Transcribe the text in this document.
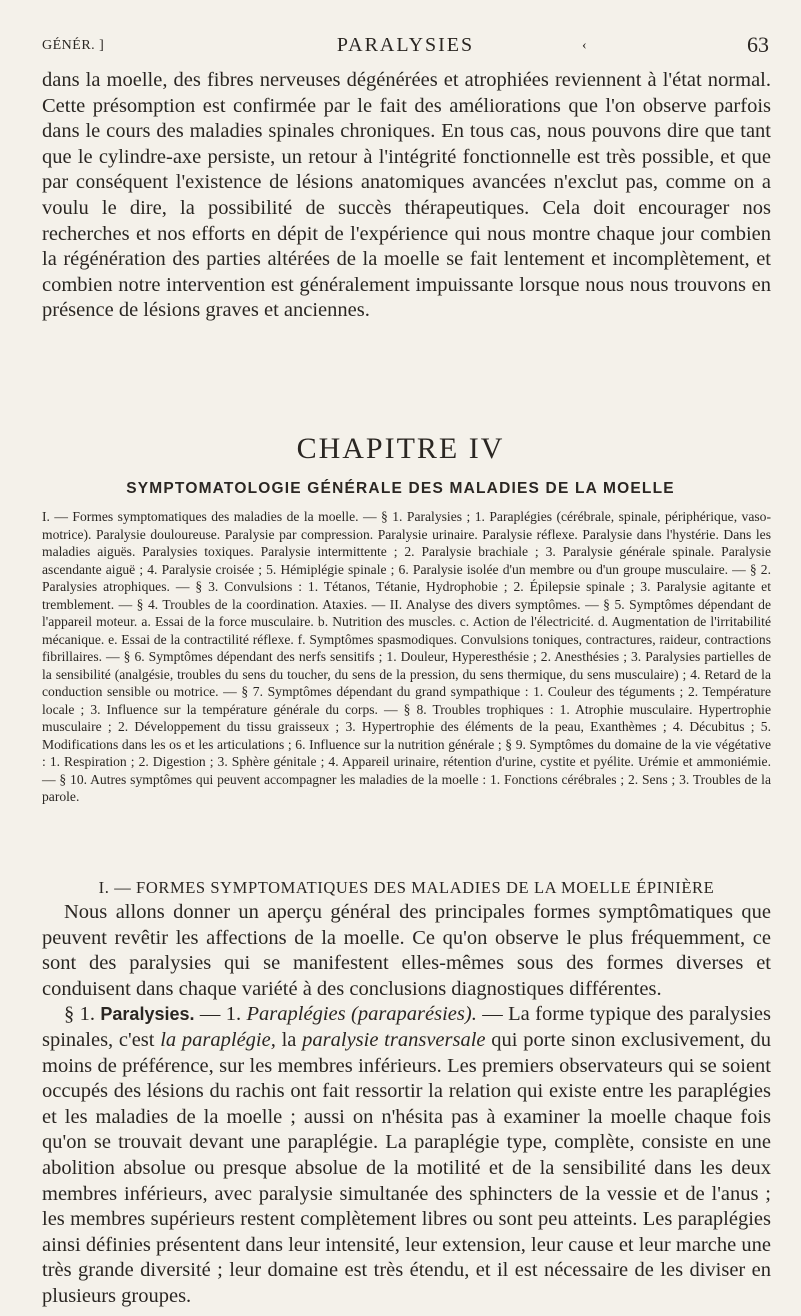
GÉNÉR. ]	PARALYSIES	‹	63
dans la moelle, des fibres nerveuses dégénérées et atrophiées reviennent à l'état normal. Cette présomption est confirmée par le fait des améliorations que l'on observe parfois dans le cours des maladies spinales chroniques. En tous cas, nous pouvons dire que tant que le cylindre-axe persiste, un retour à l'intégrité fonctionnelle est très possible, et que par conséquent l'existence de lésions anatomiques avancées n'exclut pas, comme on a voulu le dire, la possibilité de succès thérapeutiques. Cela doit encourager nos recherches et nos efforts en dépit de l'expérience qui nous montre chaque jour combien la régénération des parties altérées de la moelle se fait lentement et incomplètement, et combien notre intervention est généralement impuissante lorsque nous nous trouvons en présence de lésions graves et anciennes.
CHAPITRE IV
SYMPTOMATOLOGIE GÉNÉRALE DES MALADIES DE LA MOELLE
I. — Formes symptomatiques des maladies de la moelle. — § 1. Paralysies ; 1. Paraplégies (cérébrale, spinale, périphérique, vaso-motrice). Paralysie douloureuse. Paralysie par compression. Paralysie urinaire. Paralysie réflexe. Paralysie dans l'hystérie. Dans les maladies aiguës. Paralysies toxiques. Paralysie intermittente ; 2. Paralysie brachiale ; 3. Paralysie générale spinale. Paralysie ascendante aiguë ; 4. Paralysie croisée ; 5. Hémiplégie spinale ; 6. Paralysie isolée d'un membre ou d'un groupe musculaire. — § 2. Paralysies atrophiques. — § 3. Convulsions : 1. Tétanos, Tétanie, Hydrophobie ; 2. Épilepsie spinale ; 3. Paralysie agitante et tremblement. — § 4. Troubles de la coordination. Ataxies. — II. Analyse des divers symptômes. — § 5. Symptômes dépendant de l'appareil moteur. a. Essai de la force musculaire. b. Nutrition des muscles. c. Action de l'électricité. d. Augmentation de l'irritabilité mécanique. e. Essai de la contractilité réflexe. f. Symptômes spasmodiques. Convulsions toniques, contractures, raideur, contractions fibrillaires. — § 6. Symptômes dépendant des nerfs sensitifs ; 1. Douleur, Hyperesthésie ; 2. Anesthésies ; 3. Paralysies partielles de la sensibilité (analgésie, troubles du sens du toucher, du sens de la pression, du sens thermique, du sens musculaire) ; 4. Retard de la conduction sensible ou motrice. — § 7. Symptômes dépendant du grand sympathique : 1. Couleur des téguments ; 2. Température locale ; 3. Influence sur la température générale du corps. — § 8. Troubles trophiques : 1. Atrophie musculaire. Hypertrophie musculaire ; 2. Développement du tissu graisseux ; 3. Hypertrophie des éléments de la peau, Exanthèmes ; 4. Décubitus ; 5. Modifications dans les os et les articulations ; 6. Influence sur la nutrition générale ; § 9. Symptômes du domaine de la vie végétative : 1. Respiration ; 2. Digestion ; 3. Sphère génitale ; 4. Appareil urinaire, rétention d'urine, cystite et pyélite. Urémie et ammoniémie. — § 10. Autres symptômes qui peuvent accompagner les maladies de la moelle : 1. Fonctions cérébrales ; 2. Sens ; 3. Troubles de la parole.
I. — FORMES SYMPTOMATIQUES DES MALADIES DE LA MOELLE ÉPINIÈRE

Nous allons donner un aperçu général des principales formes symptômatiques que peuvent revêtir les affections de la moelle. Ce qu'on observe le plus fréquemment, ce sont des paralysies qui se manifestent elles-mêmes sous des formes diverses et conduisent dans chaque variété à des conclusions diagnostiques différentes.

§ 1. Paralysies. — 1. Paraplégies (paraparésies). — La forme typique des paralysies spinales, c'est la paraplégie, la paralysie transversale qui porte sinon exclusivement, du moins de préférence, sur les membres inférieurs. Les premiers observateurs qui se soient occupés des lésions du rachis ont fait ressortir la relation qui existe entre les paraplégies et les maladies de la moelle ; aussi on n'hésita pas à examiner la moelle chaque fois qu'on se trouvait devant une paraplégie. La paraplégie type, complète, consiste en une abolition absolue ou presque absolue de la motilité et de la sensibilité dans les deux membres inférieurs, avec paralysie simultanée des sphincters de la vessie et de l'anus ; les membres supérieurs restent complètement libres ou sont peu atteints. Les paraplégies ainsi définies présentent dans leur intensité, leur extension, leur cause et leur marche une très grande diversité ; leur domaine est très étendu, et il est nécessaire de les diviser en plusieurs groupes.
